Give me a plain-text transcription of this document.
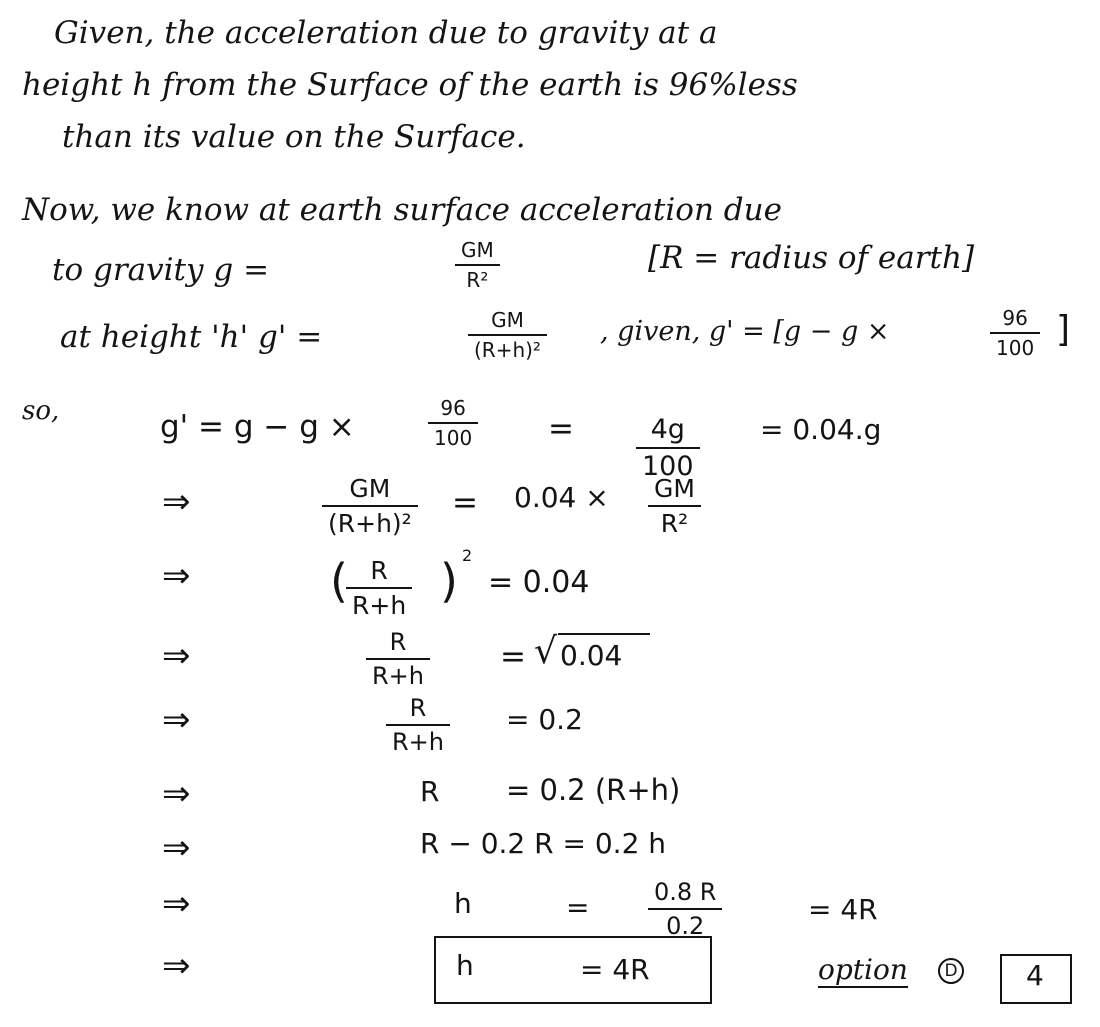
Given, the acceleration due to gravity at a
height h from the Surface of the earth is 96%less
than its value on the Surface.
Now, we know at earth surface acceleration due
to gravity g =
GM
R²
[R = radius of earth]
at height 'h' g' =	GM
(R+h)²
, given, g' = [g − g ×	96
100 ]
so,	g' = g − g ×
96
100 =	4g
100
= 0.04.g
⇒	GM
(R+h)²
= 0.04 × GM
R²
⇒	( R
R+h ) 2
= 0.04
⇒	R
R+h
= √ 0.04
⇒	R
R+h
= 0.2
⇒	R = 0.2 (R+h)
⇒	R − 0.2 R = 0.2 h
⇒	h	=	0.8 R
0.2	= 4R
⇒	h	= 4R	option	D 4
